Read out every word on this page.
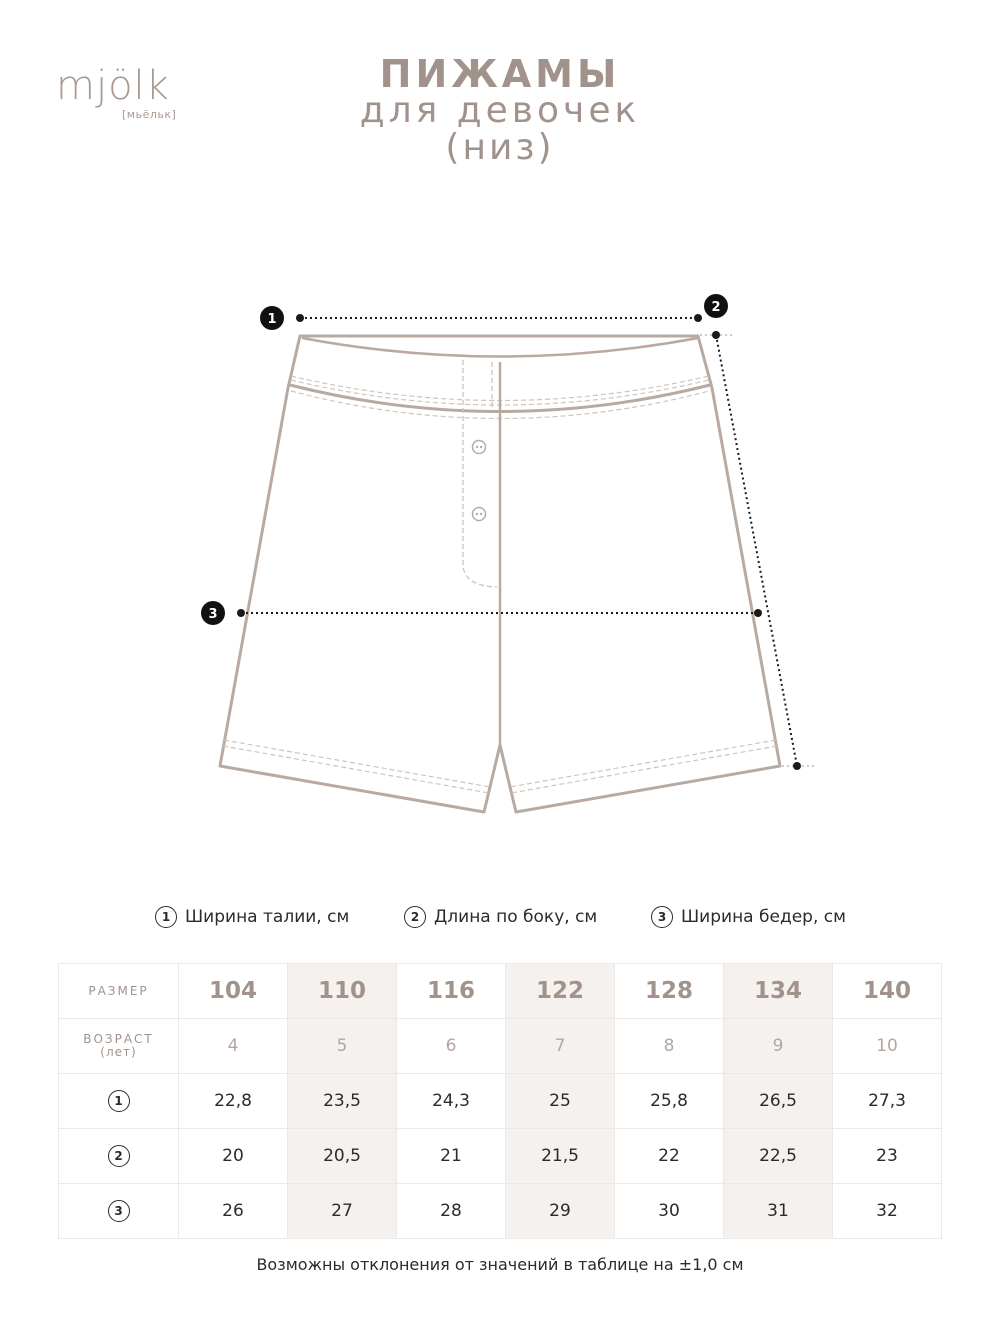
mjölk
[мьёльк]
ПИЖАМЫ
для девочек
(низ)
1
2
3
1 Ширина талии, см	2 Длина по боку, см	3 Ширина бедер, см
РАЗМЕР	104	110	116	122	128	134	140
ВОЗРАСТ
(лет)	4	5	6	7	8	9	10
1	22,8	23,5	24,3	25	25,8	26,5	27,3
2	20	20,5	21	21,5	22	22,5	23
3	26	27	28	29	30	31	32
Возможны отклонения от значений в таблице на ±1,0 см
